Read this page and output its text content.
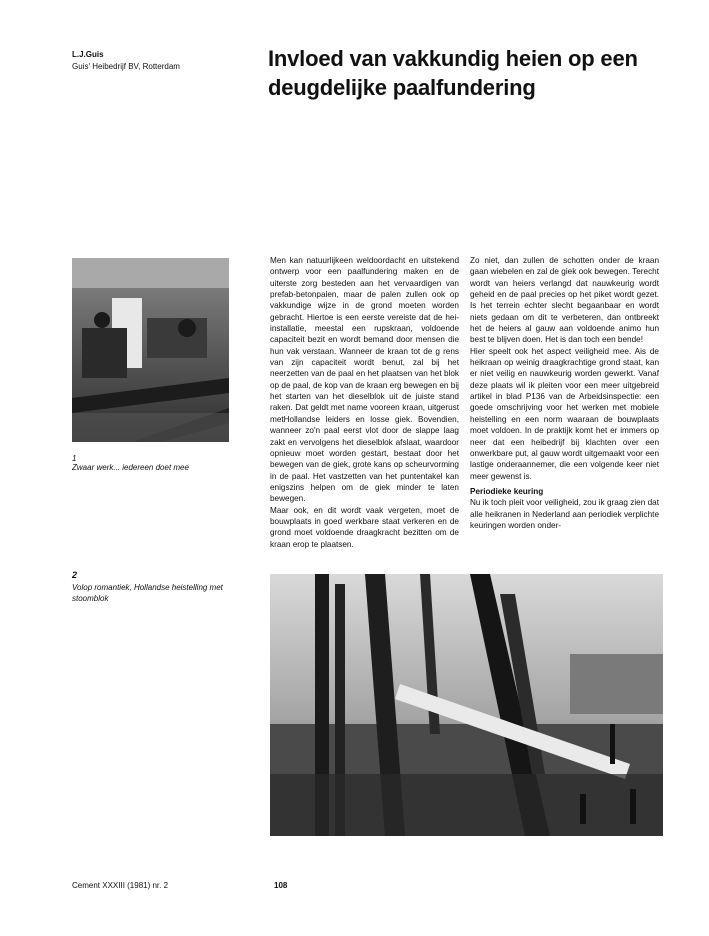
L.J.Guis
Guis' Heibedrijf BV, Rotterdam	Invloed van vakkundig heien op een deugdelijke paalfundering
1
Zwaar werk... iedereen doet mee

Men kan natuurlijkeen weldoordacht en uitstekend ontwerp voor een paalfundering maken en de uiterste zorg besteden aan het vervaardigen van prefab-betonpalen, maar de palen zullen ook op vakkundige wijze in de grond moeten worden gebracht. Hiertoe is een eerste vereiste dat de hei-installatie, meestal een rupskraan, voldoende capaciteit bezit en wordt bemand door mensen die hun vak verstaan. Wanneer de kraan tot de g rens van zijn capaciteit wordt benut, zal bij het neerzetten van de paal en het plaatsen van het blok op de paal, de kop van de kraan erg bewegen en bij het starten van het dieselblok uit de juiste stand raken. Dat geldt met name vooreen kraan, uitgerust metHollandse leiders en losse giek. Bovendien, wanneer zo'n paal eerst vlot door de slappe laag zakt en vervolgens het dieselblok afslaat, waardoor opnieuw moet worden gestart, bestaat door het bewegen van de giek, grote kans op scheurvorming in de paal. Het vastzetten van het puntentakel kan enigszins helpen om de giek minder te laten bewegen.

Maar ook, en dit wordt vaak vergeten, moet de bouwplaats in goed werkbare staat verkeren en de grond moet voldoende draagkracht bezitten om de kraan erop te plaatsen.

Zo niet, dan zullen de schotten onder de kraan gaan wiebelen en zal de giek ook bewegen. Terecht wordt van heiers verlangd dat nauwkeurig wordt geheid en de paal precies op het piket wordt gezet. Is het terrein echter slecht begaanbaar en wordt niets gedaan om dit te verbeteren, dan ontbreekt het de heiers al gauw aan voldoende animo hun best te blijven doen. Het is dan toch een bende!

Hier speelt ook het aspect veiligheid mee. Ais de heikraan op weinig draagkrachtige grond staat, kan er niet veilig en nauwkeurig worden gewerkt. Vanaf deze plaats wil ik pleiten voor een meer uitgebreid artikel in blad P136 van de Arbeidsinspectie: een goede omschrijving voor het werken met mobiele heistelling en een norm waaraan de bouwplaats moet voldoen. In de praktijk komt het er immers op neer dat een heibedrijf bij klachten over een onwerkbare put, al gauw wordt uitgemaakt voor een lastige onderaannemer, die een volgende keer niet meer gewenst is.

Periodieke keuring

Nu ik toch pleit voor veiligheid, zou ik graag zien dat alle heikranen in Nederland aan periodiek verplichte keuringen worden onder-

2
Volop romantiek, Hollandse heistelling met stoomblok
Cement XXXIII (1981) nr. 2	108
